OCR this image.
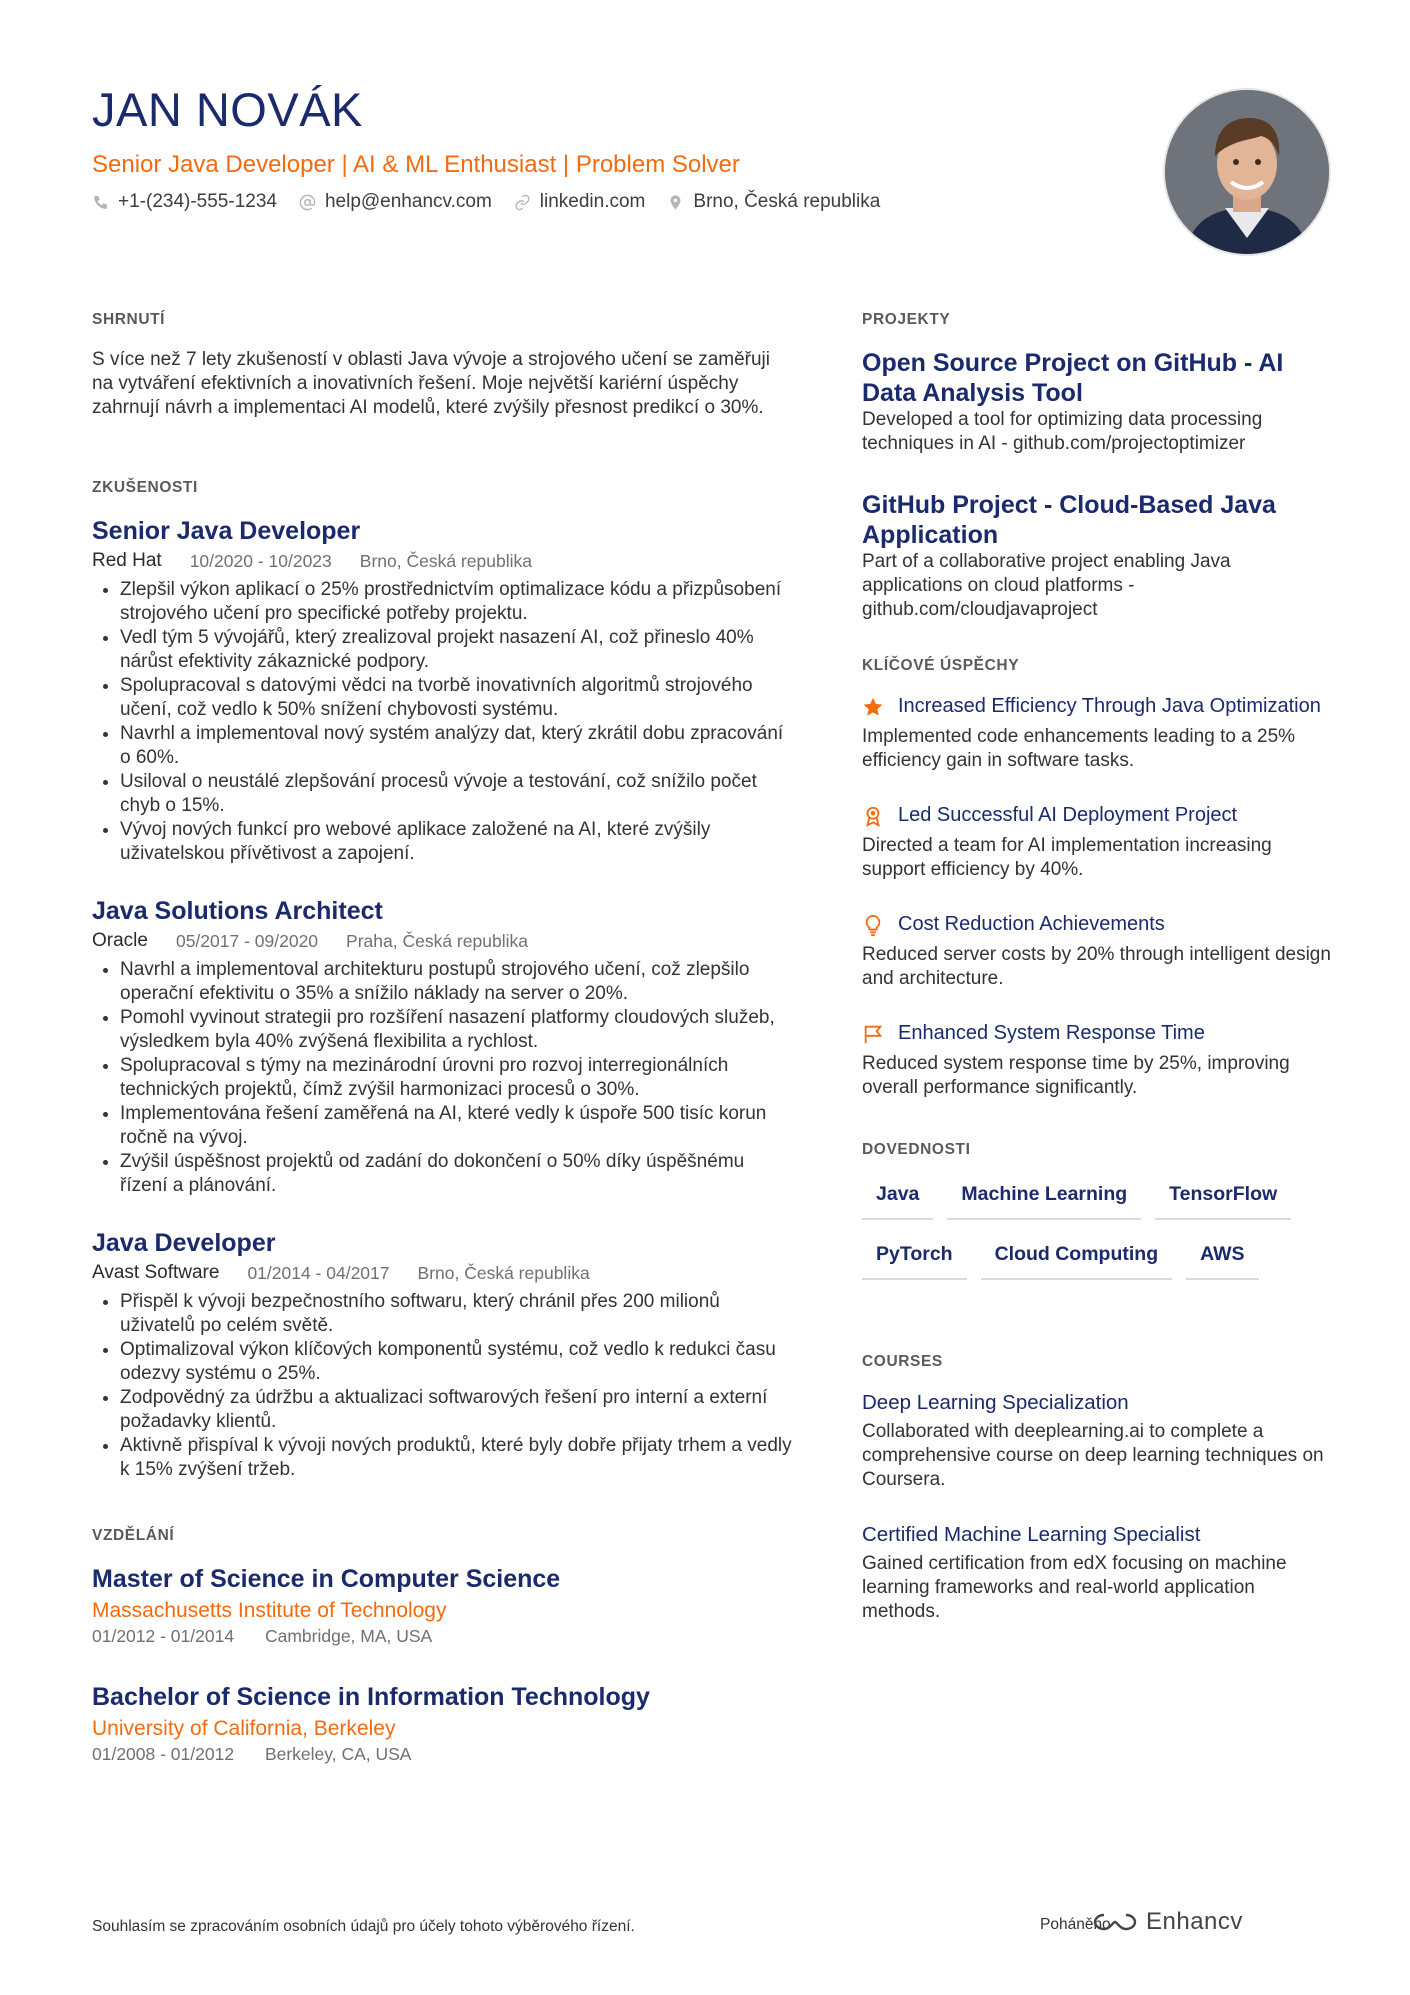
JAN NOVÁK
Senior Java Developer | AI & ML Enthusiast | Problem Solver
+1-(234)-555-1234	help@enhancv.com	linkedin.com	Brno, Česká republika
SHRNUTÍ

S více než 7 lety zkušeností v oblasti Java vývoje a strojového učení se zaměřuji na vytváření efektivních a inovativních řešení. Moje největší kariérní úspěchy zahrnují návrh a implementaci AI modelů, které zvýšily přesnost predikcí o 30%.

ZKUŠENOSTI
Senior Java Developer
Red Hat 10/2020 - 10/2023 Brno, Česká republika
• Zlepšil výkon aplikací o 25% prostřednictvím optimalizace kódu a přizpůsobení strojového učení pro specifické potřeby projektu.
• Vedl tým 5 vývojářů, který zrealizoval projekt nasazení AI, což přineslo 40% nárůst efektivity zákaznické podpory.
• Spolupracoval s datovými vědci na tvorbě inovativních algoritmů strojového učení, což vedlo k 50% snížení chybovosti systému.
• Navrhl a implementoval nový systém analýzy dat, který zkrátil dobu zpracování o 60%.
• Usiloval o neustálé zlepšování procesů vývoje a testování, což snížilo počet chyb o 15%.
• Vývoj nových funkcí pro webové aplikace založené na AI, které zvýšily uživatelskou přívětivost a zapojení.
Java Solutions Architect
Oracle 05/2017 - 09/2020 Praha, Česká republika
• Navrhl a implementoval architekturu postupů strojového učení, což zlepšilo operační efektivitu o 35% a snížilo náklady na server o 20%.
• Pomohl vyvinout strategii pro rozšíření nasazení platformy cloudových služeb, výsledkem byla 40% zvýšená flexibilita a rychlost.
• Spolupracoval s týmy na mezinárodní úrovni pro rozvoj interregionálních technických projektů, čímž zvýšil harmonizaci procesů o 30%.
• Implementována řešení zaměřená na AI, které vedly k úspoře 500 tisíc korun ročně na vývoj.
• Zvýšil úspěšnost projektů od zadání do dokončení o 50% díky úspěšnému řízení a plánování.
Java Developer
Avast Software 01/2014 - 04/2017 Brno, Česká republika
• Přispěl k vývoji bezpečnostního softwaru, který chránil přes 200 milionů uživatelů po celém světě.
• Optimalizoval výkon klíčových komponentů systému, což vedlo k redukci času odezvy systému o 25%.
• Zodpovědný za údržbu a aktualizaci softwarových řešení pro interní a externí požadavky klientů.
• Aktivně přispíval k vývoji nových produktů, které byly dobře přijaty trhem a vedly k 15% zvýšení tržeb.
VZDĚLÁNÍ
Master of Science in Computer Science
Massachusetts Institute of Technology
01/2012 - 01/2014 Cambridge, MA, USA
Bachelor of Science in Information Technology
University of California, Berkeley
01/2008 - 01/2012 Berkeley, CA, USA
PROJEKTY
Open Source Project on GitHub - AI Data Analysis Tool

Developed a tool for optimizing data processing techniques in AI - github.com/projectoptimizer

GitHub Project - Cloud-Based Java Application

Part of a collaborative project enabling Java applications on cloud platforms - github.com/cloudjavaproject

KLÍČOVÉ ÚSPĚCHY
Increased Efficiency Through Java Optimization

Implemented code enhancements leading to a 25% efficiency gain in software tasks.

Led Successful AI Deployment Project

Directed a team for AI implementation increasing support efficiency by 40%.

Cost Reduction Achievements

Reduced server costs by 20% through intelligent design and architecture.

Enhanced System Response Time

Reduced system response time by 25%, improving overall performance significantly.

DOVEDNOSTI
Java	Machine Learning	TensorFlow
PyTorch	Cloud Computing	AWS
COURSES
Deep Learning Specialization

Collaborated with deeplearning.ai to complete a comprehensive course on deep learning techniques on Coursera.

Certified Machine Learning Specialist

Gained certification from edX focusing on machine learning frameworks and real-world application methods.

Souhlasím se zpracováním osobních údajů pro účely tohoto výběrového řízení.	Poháněno Enhancv
